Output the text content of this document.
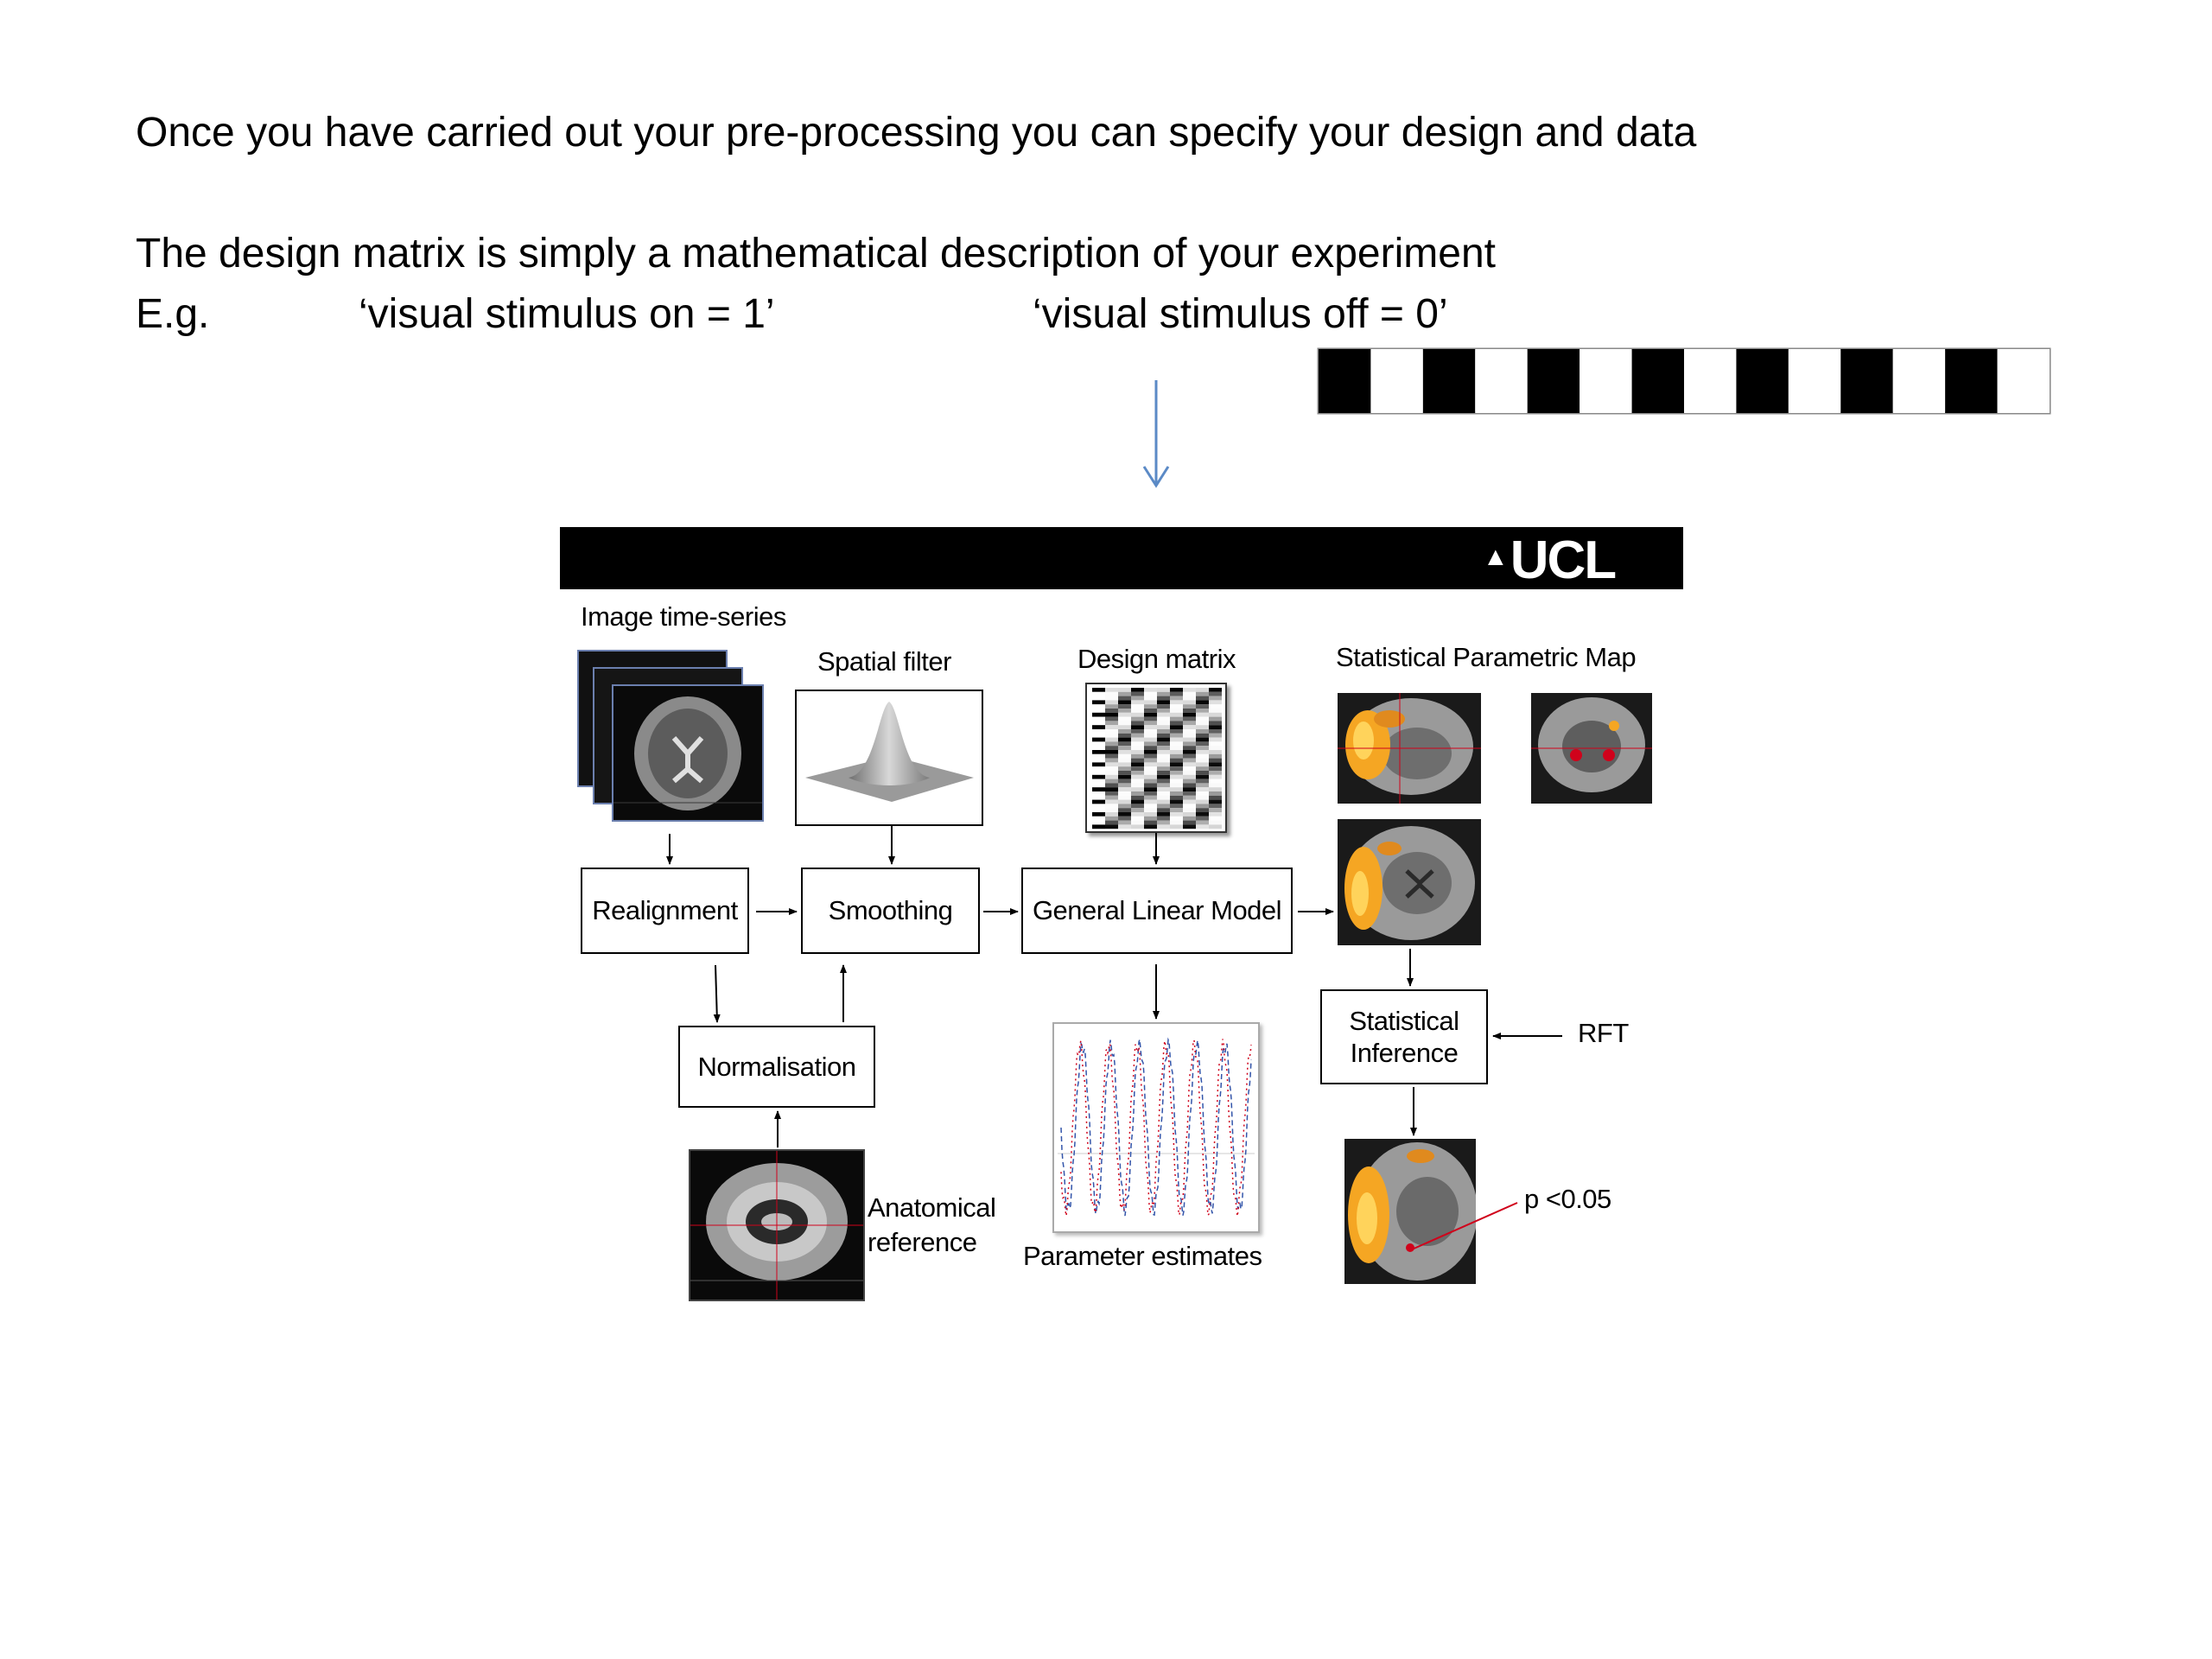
Once you have carried out your pre-processing you can specify your design and data
The design matrix is simply a mathematical description of your experiment
E.g.	‘visual stimulus on = 1’	‘visual stimulus off = 0’
▲UCL
Image time-series
Spatial filter	Design matrix	Statistical Parametric Map
Realignment	Smoothing	General Linear Model
Normalisation
Statistical
Inference
RFT
Anatomical
reference Parameter estimates
p <0.05
